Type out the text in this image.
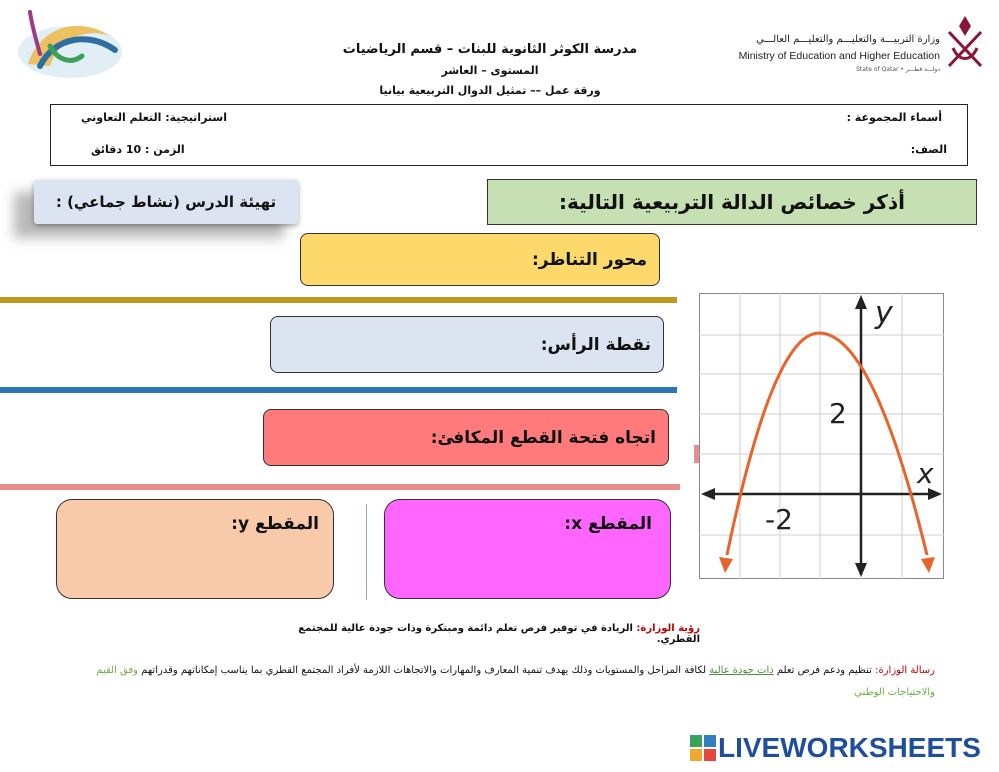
وزارة التربيـــة والتعليـــم والتعليـــم العالـــي
Ministry of Education and Higher Education
State of Qatar • دولـــة قطـــر
مدرسة الكوثر الثانوية للبنات – قسم الرياضيات
المستوى – العاشر
ورقة عمل –– تمثيل الدوال التربيعية بيانيا
أسماء المجموعة :
الصف:
استراتيجية: التعلم التعاوني
الزمن : 10 دقائق
تهيئة الدرس (نشاط جماعي) :	أذكر خصائص الدالة التربيعية التالية:
محور التناظر:
نقطة الرأس:
اتجاه فتحة القطع المكافئ:
المقطع x:
المقطع y:
y
x
2
-2
رؤية الوزارة: الريادة في توفير فرص تعلم دائمة ومبتكرة وذات جودة عالية للمجتمع القطري.
رسالة الوزارة: تنظيم ودعم فرص تعلم ذات جودة عالية لكافة المراحل والمستويات وذلك يهدف تنمية المعارف والمهارات والاتجاهات اللازمة لأفراد المجتمع القطري بما يناسب إمكاناتهم وقدراتهم وفق القيم والاحتياجات الوطني
LIVEWORKSHEETS
